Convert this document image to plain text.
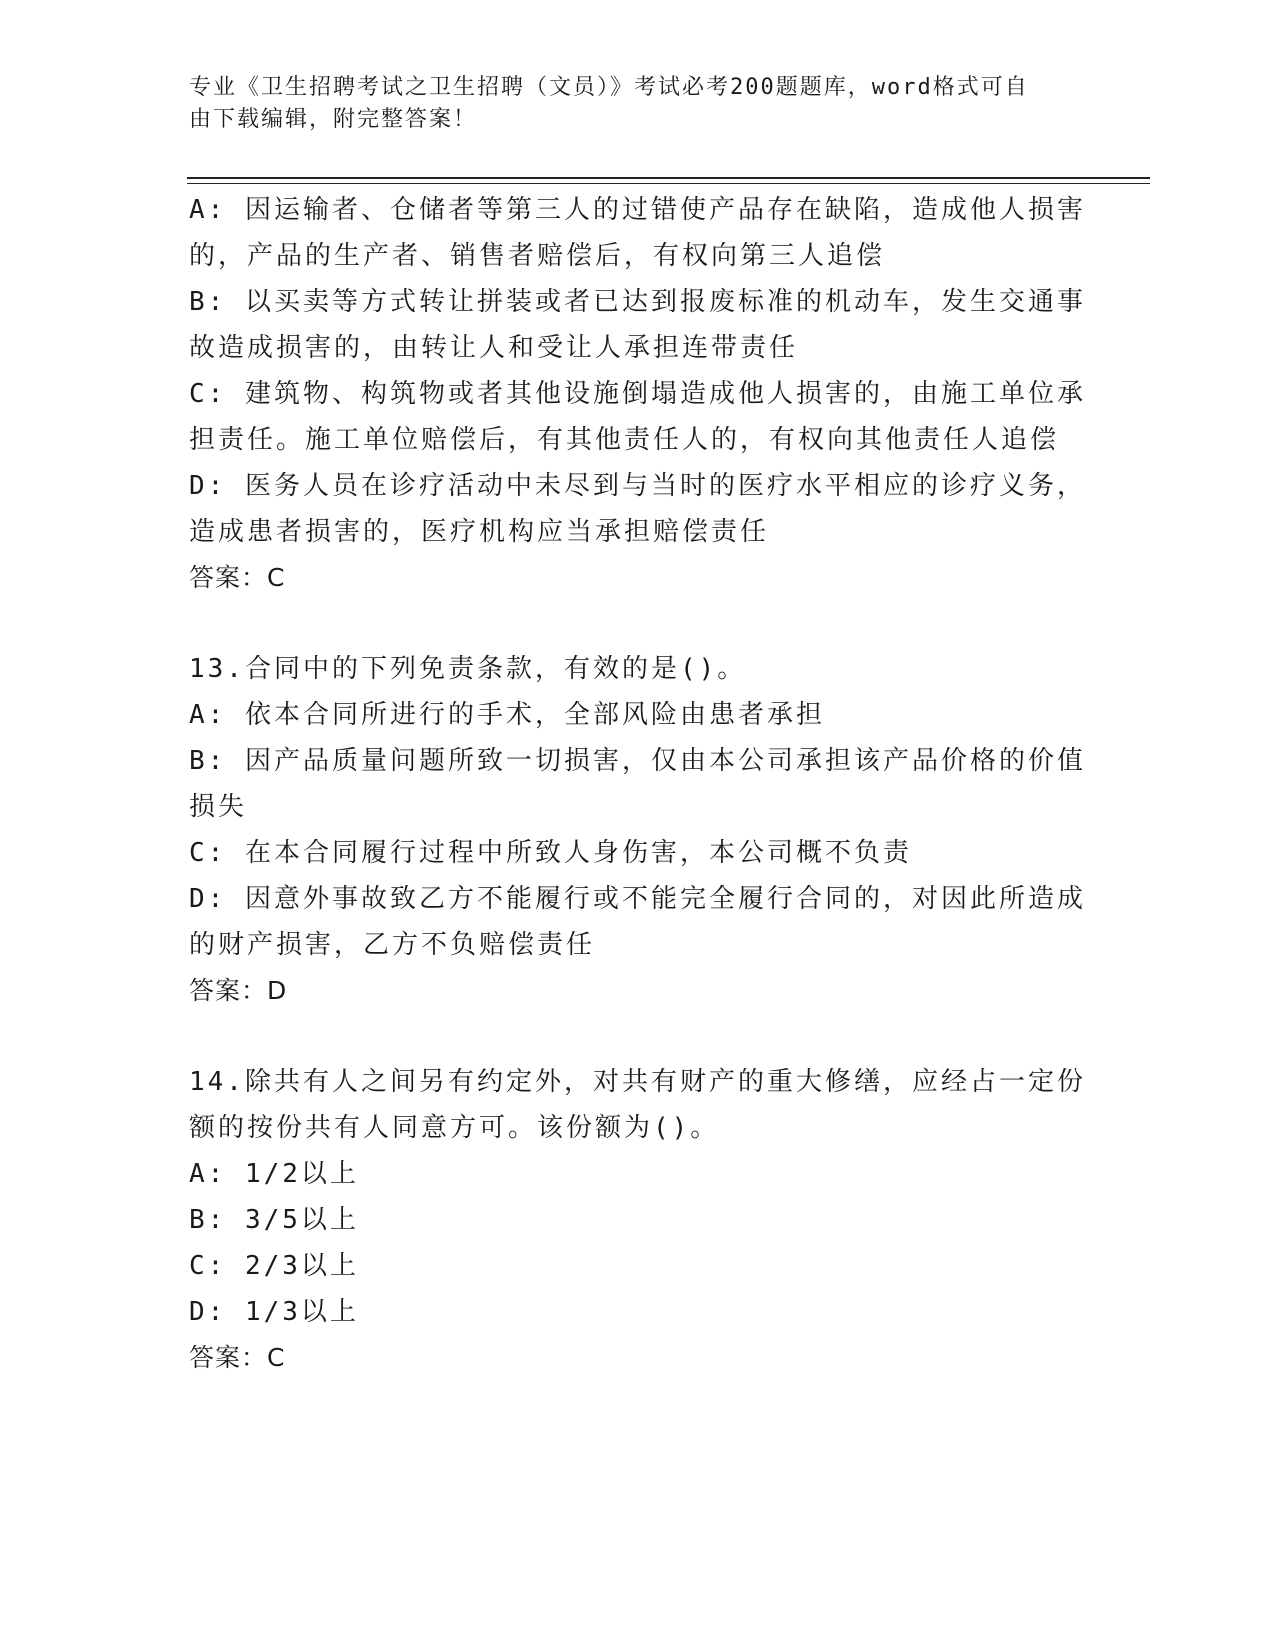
专业《卫生招聘考试之卫生招聘（文员）》考试必考200题题库，word格式可自
由下载编辑，附完整答案！
A: 因运输者、仓储者等第三人的过错使产品存在缺陷，造成他人损害
的，产品的生产者、销售者赔偿后，有权向第三人追偿
B: 以买卖等方式转让拼装或者已达到报废标准的机动车，发生交通事
故造成损害的，由转让人和受让人承担连带责任
C: 建筑物、构筑物或者其他设施倒塌造成他人损害的，由施工单位承
担责任。施工单位赔偿后，有其他责任人的，有权向其他责任人追偿
D: 医务人员在诊疗活动中未尽到与当时的医疗水平相应的诊疗义务，
造成患者损害的，医疗机构应当承担赔偿责任
答案：C
13.合同中的下列免责条款，有效的是()。
A: 依本合同所进行的手术，全部风险由患者承担
B: 因产品质量问题所致一切损害，仅由本公司承担该产品价格的价值
损失
C: 在本合同履行过程中所致人身伤害，本公司概不负责
D: 因意外事故致乙方不能履行或不能完全履行合同的，对因此所造成
的财产损害，乙方不负赔偿责任
答案：D
14.除共有人之间另有约定外，对共有财产的重大修缮，应经占一定份
额的按份共有人同意方可。该份额为()。
A: 1/2以上
B: 3/5以上
C: 2/3以上
D: 1/3以上
答案：C
